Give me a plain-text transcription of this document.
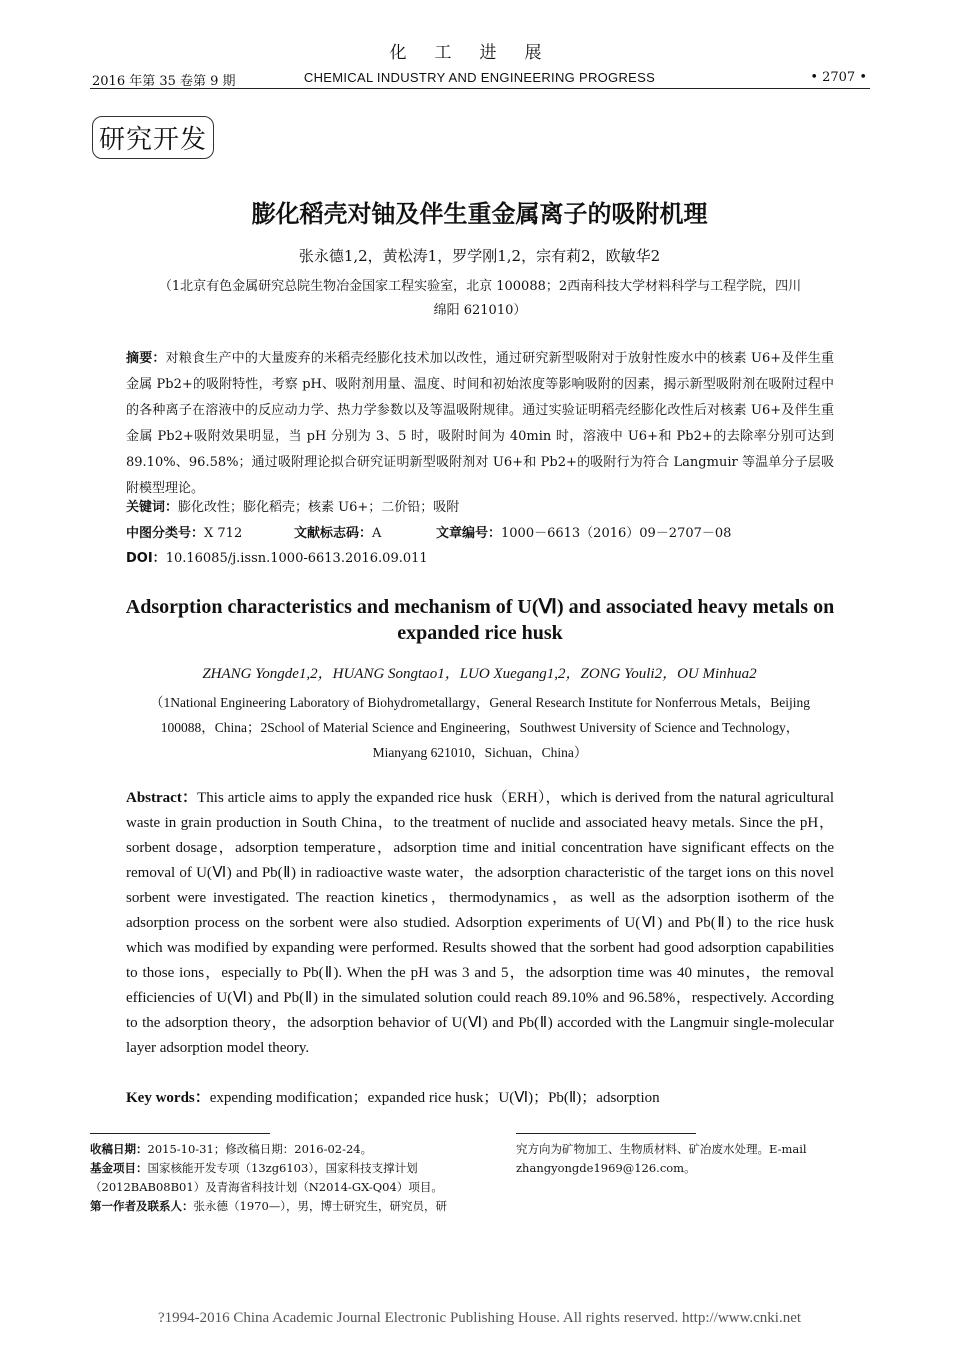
化工进展
2016 年第 35 卷第 9 期	CHEMICAL INDUSTRY AND ENGINEERING PROGRESS	• 2707 •
研究开发
膨化稻壳对铀及伴生重金属离子的吸附机理
张永德1,2，黄松涛1，罗学刚1,2，宗有莉2，欧敏华2
（1北京有色金属研究总院生物冶金国家工程实验室，北京 100088；2西南科技大学材料科学与工程学院，四川
绵阳 621010）
摘要：对粮食生产中的大量废弃的米稻壳经膨化技术加以改性，通过研究新型吸附对于放射性废水中的核素 U6+及伴生重金属 Pb2+的吸附特性，考察 pH、吸附剂用量、温度、时间和初始浓度等影响吸附的因素，揭示新型吸附剂在吸附过程中的各种离子在溶液中的反应动力学、热力学参数以及等温吸附规律。通过实验证明稻壳经膨化改性后对核素 U6+及伴生重金属 Pb2+吸附效果明显，当 pH 分别为 3、5 时，吸附时间为 40min 时，溶液中 U6+和 Pb2+的去除率分别可达到 89.10%、96.58%；通过吸附理论拟合研究证明新型吸附剂对 U6+和 Pb2+的吸附行为符合 Langmuir 等温单分子层吸附模型理论。
关键词：膨化改性；膨化稻壳；核素 U6+；二价铅；吸附
中图分类号：X 712	文献标志码：A	文章编号：1000－6613（2016）09－2707－08
DOI：10.16085/j.issn.1000-6613.2016.09.011
Adsorption characteristics and mechanism of U(Ⅵ) and associated heavy metals on expanded rice husk
ZHANG Yongde1,2，HUANG Songtao1，LUO Xuegang1,2，ZONG Youli2，OU Minhua2
（1National Engineering Laboratory of Biohydrometallargy，General Research Institute for Nonferrous Metals，Beijing
100088，China；2School of Material Science and Engineering，Southwest University of Science and Technology，
Mianyang 621010，Sichuan，China）
Abstract：This article aims to apply the expanded rice husk（ERH），which is derived from the natural agricultural waste in grain production in South China，to the treatment of nuclide and associated heavy metals. Since the pH，sorbent dosage，adsorption temperature，adsorption time and initial concentration have significant effects on the removal of U(Ⅵ) and Pb(Ⅱ) in radioactive waste water，the adsorption characteristic of the target ions on this novel sorbent were investigated. The reaction kinetics，thermodynamics，as well as the adsorption isotherm of the adsorption process on the sorbent were also studied. Adsorption experiments of U(Ⅵ) and Pb(Ⅱ) to the rice husk which was modified by expanding were performed. Results showed that the sorbent had good adsorption capabilities to those ions，especially to Pb(Ⅱ). When the pH was 3 and 5，the adsorption time was 40 minutes，the removal efficiencies of U(Ⅵ) and Pb(Ⅱ) in the simulated solution could reach 89.10% and 96.58%，respectively. According to the adsorption theory，the adsorption behavior of U(Ⅵ) and Pb(Ⅱ) accorded with the Langmuir single-molecular layer adsorption model theory.
Key words：expending modification；expanded rice husk；U(Ⅵ)；Pb(Ⅱ)；adsorption
收稿日期：2015-10-31；修改稿日期：2016-02-24。
基金项目：国家核能开发专项（13zg6103），国家科技支撑计划（2012BAB08B01）及青海省科技计划（N2014-GX-Q04）项目。
第一作者及联系人：张永德（1970—），男，博士研究生，研究员，研
究方向为矿物加工、生物质材料、矿冶废水处理。E-mail zhangyongde1969@126.com。
?1994-2016 China Academic Journal Electronic Publishing House. All rights reserved. http://www.cnki.net
